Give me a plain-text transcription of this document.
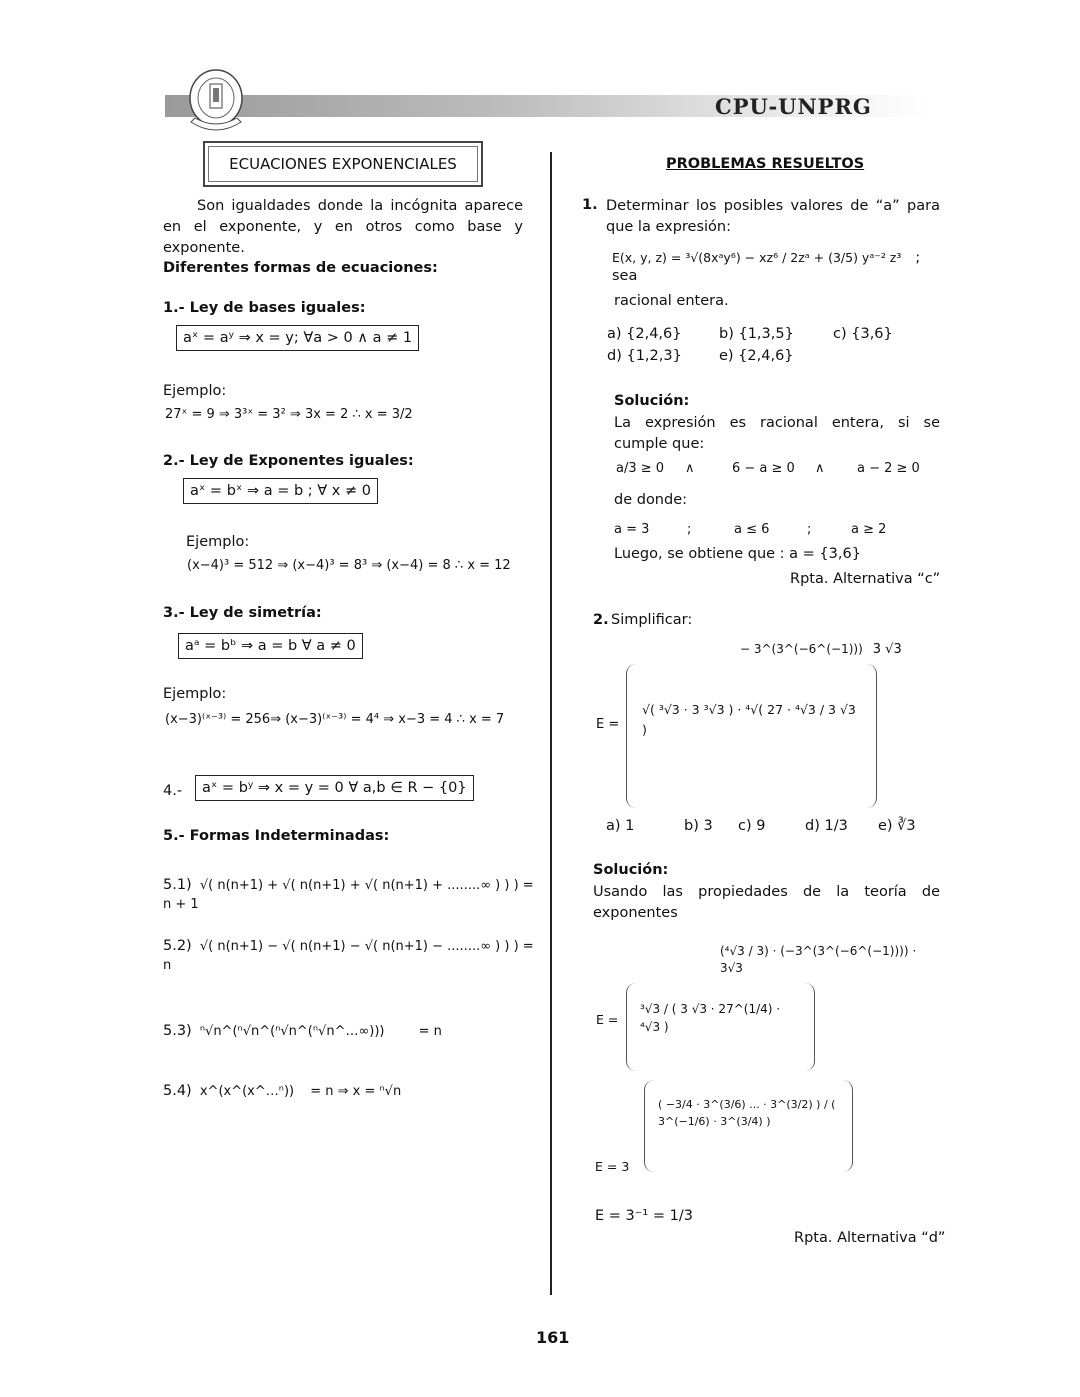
CPU-UNPRG
ECUACIONES EXPONENCIALES
Son igualdades donde la incógnita aparece en el exponente, y en otros como base y exponente.
Diferentes formas de ecuaciones:
1.- Ley de bases iguales:
aˣ = aʸ ⇒ x = y; ∀a > 0 ∧ a ≠ 1
Ejemplo:
27ˣ = 9 ⇒ 3³ˣ = 3² ⇒ 3x = 2 ∴ x = 3/2
2.- Ley de Exponentes iguales:
aˣ = bˣ ⇒ a = b ; ∀ x ≠ 0
Ejemplo:
(x−4)³ = 512 ⇒ (x−4)³ = 8³ ⇒ (x−4) = 8 ∴ x = 12
3.- Ley de simetría:
aᵃ = bᵇ ⇒ a = b ∀ a ≠ 0
Ejemplo:
(x−3)⁽ˣ⁻³⁾ = 256⇒ (x−3)⁽ˣ⁻³⁾ = 4⁴ ⇒ x−3 = 4 ∴ x = 7
4.-	aˣ = bʸ ⇒ x = y = 0 ∀ a,b ∈ R − {0}
5.- Formas Indeterminadas:
5.1) √( n(n+1) + √( n(n+1) + √( n(n+1) + ........∞ ) ) ) = n + 1
5.2) √( n(n+1) − √( n(n+1) − √( n(n+1) − ........∞ ) ) ) = n
5.3) ⁿ√n^(ⁿ√n^(ⁿ√n^(ⁿ√n^…∞)))	= n
5.4) x^(x^(x^…ⁿ)) = n ⇒ x = ⁿ√n
PROBLEMAS RESUELTOS
1. Determinar los posibles valores de “a” para que la expresión:
E(x, y, z) = ³√(8xᵃy⁶) − xz⁶ / 2zᵃ + (3/5) yᵃ⁻² z³ ; sea
racional entera.
a) {2,4,6}	b) {1,3,5}	c) {3,6}
d) {1,2,3}	e) {2,4,6}
Solución:
La expresión es racional entera, si se cumple que:
a/3 ≥ 0 ∧	6 − a ≥ 0 ∧ a − 2 ≥ 0
de donde:
a = 3	;	a ≤ 6	;	a ≥ 2
Luego, se obtiene que : a = {3,6}
Rpta. Alternativa “c”
2. Simplificar:
− 3^(3^(−6^(−1))) 3 √3
E =
√( ³√3 · 3 ³√3 ) · ⁴√( 27 · ⁴√3 / 3 √3 )
a) 1	b) 3 c) 9	d) 1/3 e) ∛3
Solución:
Usando las propiedades de la teoría de exponentes
(⁴√3 / 3) · (−3^(3^(−6^(−1)))) · 3√3
E =
³√3 / ( 3 √3 · 27^(1/4) · ⁴√3 )
E = 3
( −3/4 · 3^(3/6) ... · 3^(3/2) ) / ( 3^(−1/6) · 3^(3/4) )
E = 3⁻¹ = 1/3
Rpta. Alternativa “d”
161
